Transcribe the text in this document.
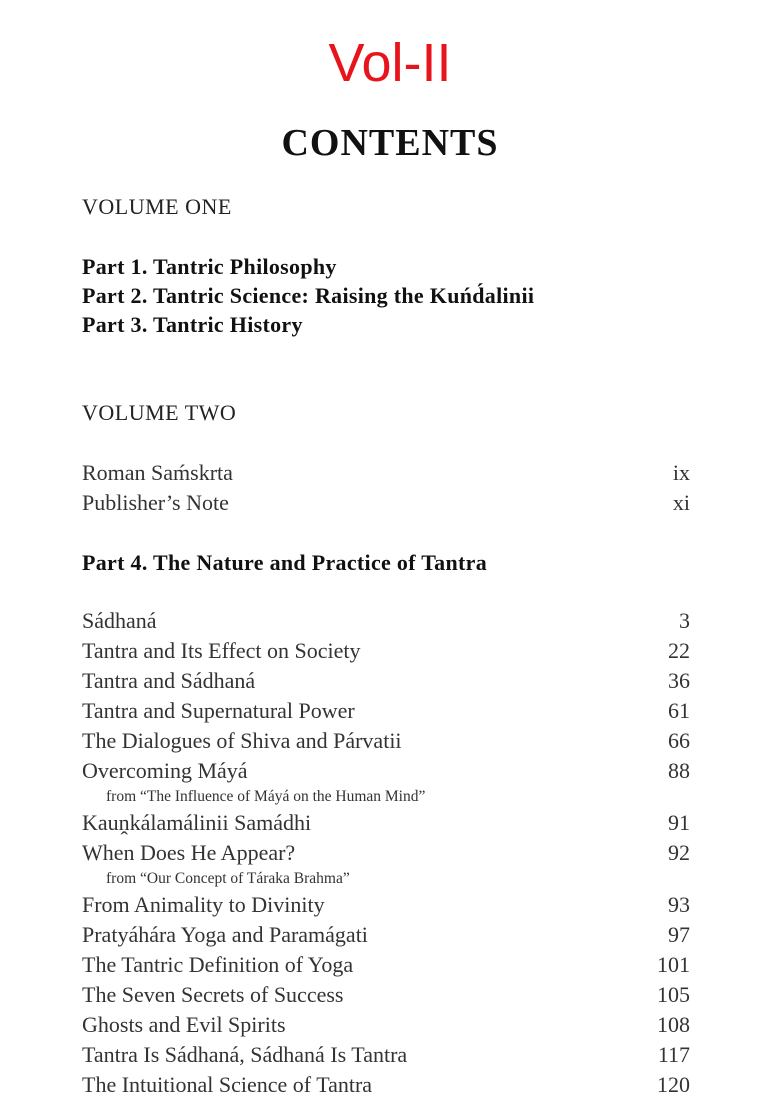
Vol-II
CONTENTS
VOLUME ONE
Part 1. Tantric Philosophy
Part 2. Tantric Science: Raising the Kuńd́alinii
Part 3. Tantric History
VOLUME TWO
Roman Saḿskrta	ix
Publisher’s Note	xi
Part 4. The Nature and Practice of Tantra
Sádhaná	3
Tantra and Its Effect on Society	22
Tantra and Sádhaná	36
Tantra and Supernatural Power	61
The Dialogues of Shiva and Párvatii	66
Overcoming Máyá	88
from “The Influence of Máyá on the Human Mind”
Kauṋkálamálinii Samádhi	91
When Does He Appear?	92
from “Our Concept of Táraka Brahma”
From Animality to Divinity	93
Pratyáhára Yoga and Paramágati	97
The Tantric Definition of Yoga	101
The Seven Secrets of Success	105
Ghosts and Evil Spirits	108
Tantra Is Sádhaná, Sádhaná Is Tantra	117
The Intuitional Science of Tantra	120
